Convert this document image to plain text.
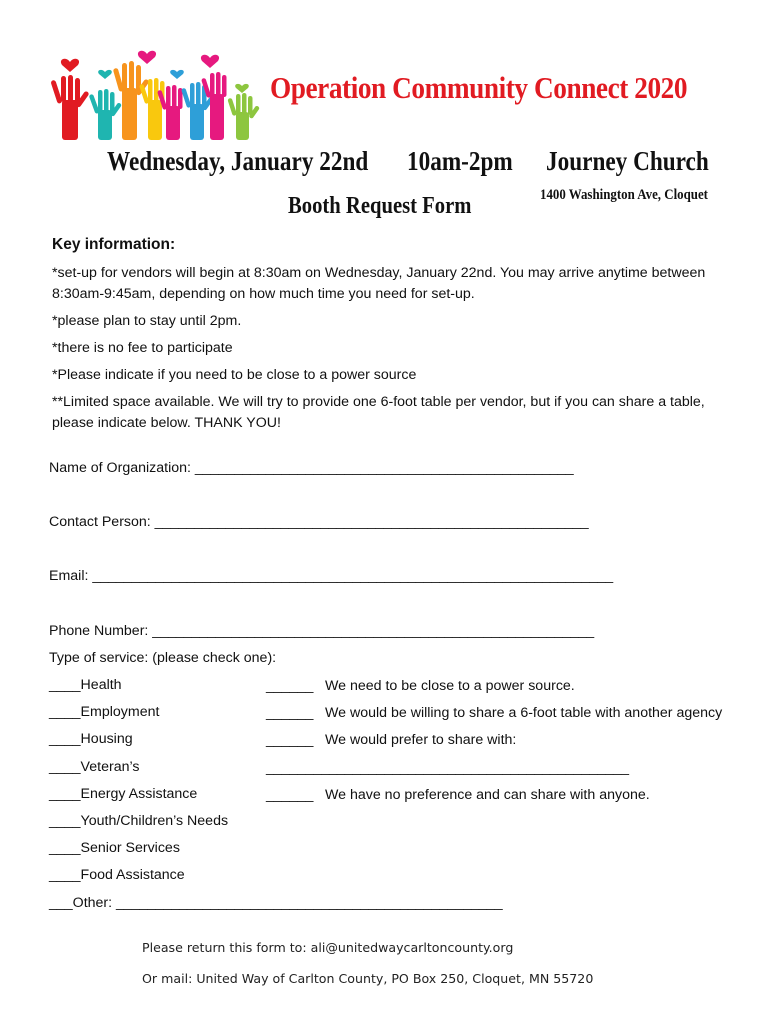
Operation Community Connect 2020
Wednesday, January 22nd 10am-2pm Journey Church
Booth Request Form	1400 Washington Ave, Cloquet
Key information:
*set-up for vendors will begin at 8:30am on Wednesday, January 22nd. You may arrive anytime between 8:30am-9:45am, depending on how much time you need for set-up.
*please plan to stay until 2pm.
*there is no fee to participate
*Please indicate if you need to be close to a power source
**Limited space available. We will try to provide one 6-foot table per vendor, but if you can share a table, please indicate below. THANK YOU!
Name of Organization: ________________________________________________
Contact Person: _______________________________________________________
Email: __________________________________________________________________
Phone Number: ________________________________________________________
Type of service: (please check one):
____Health
____Employment
____Housing
____Veteran’s
____Energy Assistance
____Youth/Children’s Needs
____Senior Services
____Food Assistance
___Other: _________________________________________________
______ We need to be close to a power source.
______ We would be willing to share a 6-foot table with another agency
______ We would prefer to share with:
______________________________________________
______ We have no preference and can share with anyone.
Please return this form to: ali@unitedwaycarltoncounty.org
Or mail: United Way of Carlton County, PO Box 250, Cloquet, MN 55720
